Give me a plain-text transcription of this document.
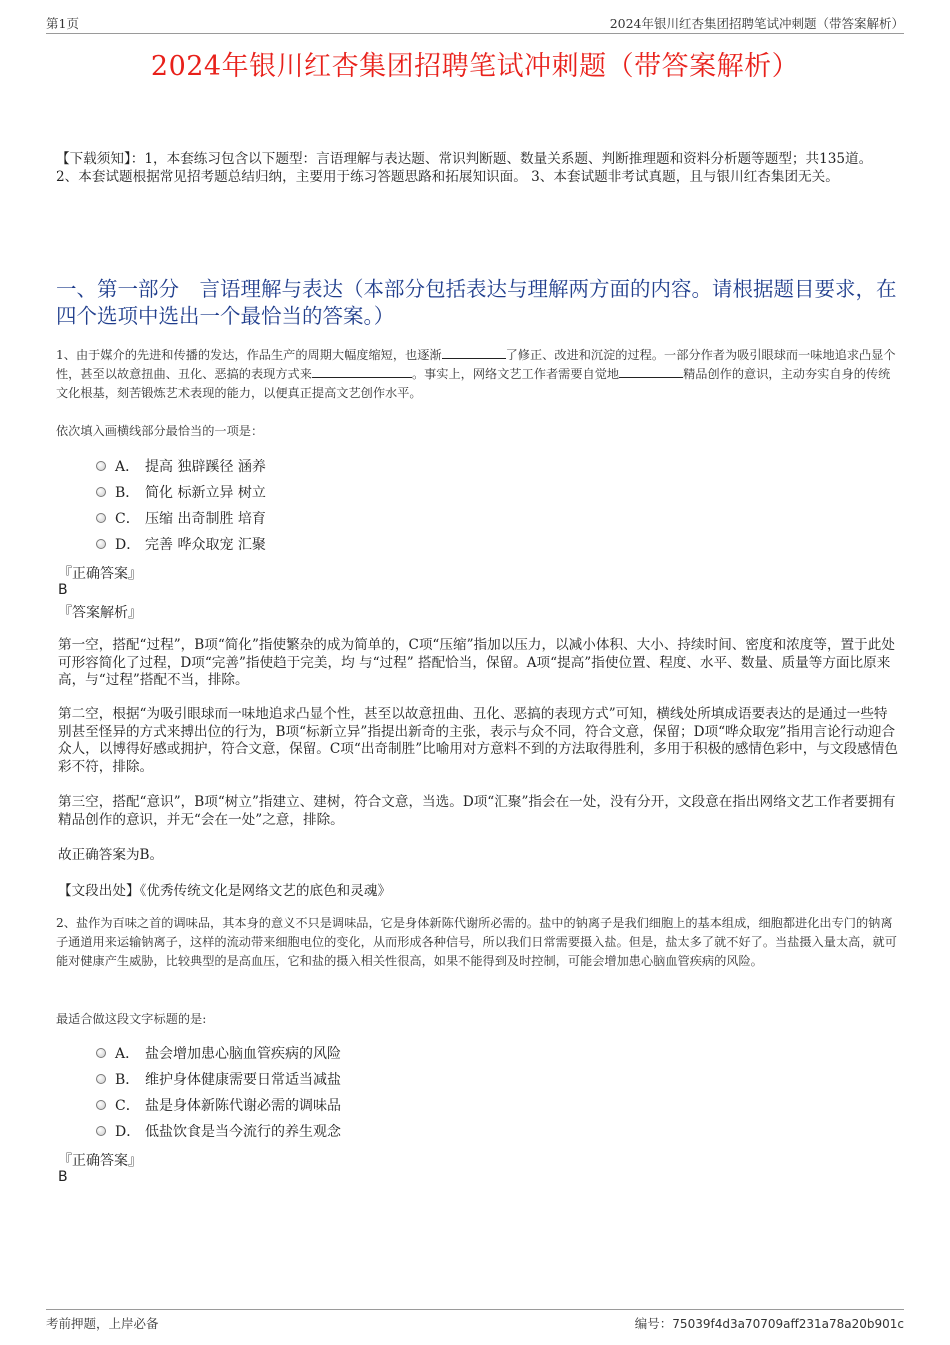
第1页	2024年银川红杏集团招聘笔试冲刺题（带答案解析）
2024年银川红杏集团招聘笔试冲刺题（带答案解析）
【下载须知】：1，本套练习包含以下题型：言语理解与表达题、常识判断题、数量关系题、判断推理题和资料分析题等题型；共135道。 2、本套试题根据常见招考题总结归纳，主要用于练习答题思路和拓展知识面。 3、本套试题非考试真题，且与银川红杏集团无关。
一、第一部分　言语理解与表达（本部分包括表达与理解两方面的内容。请根据题目要求，在四个选项中选出一个最恰当的答案。）
1、由于媒介的先进和传播的发达，作品生产的周期大幅度缩短，也逐渐	了修正、改进和沉淀的过程。一部分作者为吸引眼球而一味地追求凸显个性，甚至以故意扭曲、丑化、恶搞的表现方式来	。事实上，网络文艺工作者需要自觉地	精品创作的意识，主动夯实自身的传统文化根基，刻苦锻炼艺术表现的能力，以便真正提高文艺创作水平。
依次填入画横线部分最恰当的一项是：
A． 提高 独辟蹊径 涵养
B． 简化 标新立异 树立
C． 压缩 出奇制胜 培育
D． 完善 哗众取宠 汇聚
『正确答案』
B
『答案解析』
第一空，搭配“过程”，B项“简化”指使繁杂的成为简单的，C项“压缩”指加以压力，以减小体积、大小、持续时间、密度和浓度等，置于此处可形容简化了过程，D项“完善”指使趋于完美，均 与“过程” 搭配恰当，保留。A项“提高”指使位置、程度、水平、数量、质量等方面比原来高，与“过程”搭配不当，排除。
第二空，根据“为吸引眼球而一味地追求凸显个性，甚至以故意扭曲、丑化、恶搞的表现方式”可知，横线处所填成语要表达的是通过一些特别甚至怪异的方式来搏出位的行为，B项“标新立异”指提出新奇的主张，表示与众不同，符合文意，保留；D项“哗众取宠”指用言论行动迎合众人，以博得好感或拥护，符合文意，保留。C项“出奇制胜”比喻用对方意料不到的方法取得胜利，多用于积极的感情色彩中，与文段感情色彩不符，排除。
第三空，搭配“意识”，B项“树立”指建立、建树，符合文意，当选。D项“汇聚”指会在一处，没有分开，文段意在指出网络文艺工作者要拥有精品创作的意识，并无“会在一处”之意，排除。
故正确答案为B。
【文段出处】《优秀传统文化是网络文艺的底色和灵魂》
2、盐作为百味之首的调味品，其本身的意义不只是调味品，它是身体新陈代谢所必需的。盐中的钠离子是我们细胞上的基本组成，细胞都进化出专门的钠离子通道用来运输钠离子，这样的流动带来细胞电位的变化，从而形成各种信号，所以我们日常需要摄入盐。但是，盐太多了就不好了。当盐摄入量太高，就可能对健康产生威胁，比较典型的是高血压，它和盐的摄入相关性很高，如果不能得到及时控制，可能会增加患心脑血管疾病的风险。
最适合做这段文字标题的是:
A． 盐会增加患心脑血管疾病的风险
B． 维护身体健康需要日常适当减盐
C． 盐是身体新陈代谢必需的调味品
D． 低盐饮食是当今流行的养生观念
『正确答案』
B
考前押题，上岸必备	编号：75039f4d3a70709aff231a78a20b901c
